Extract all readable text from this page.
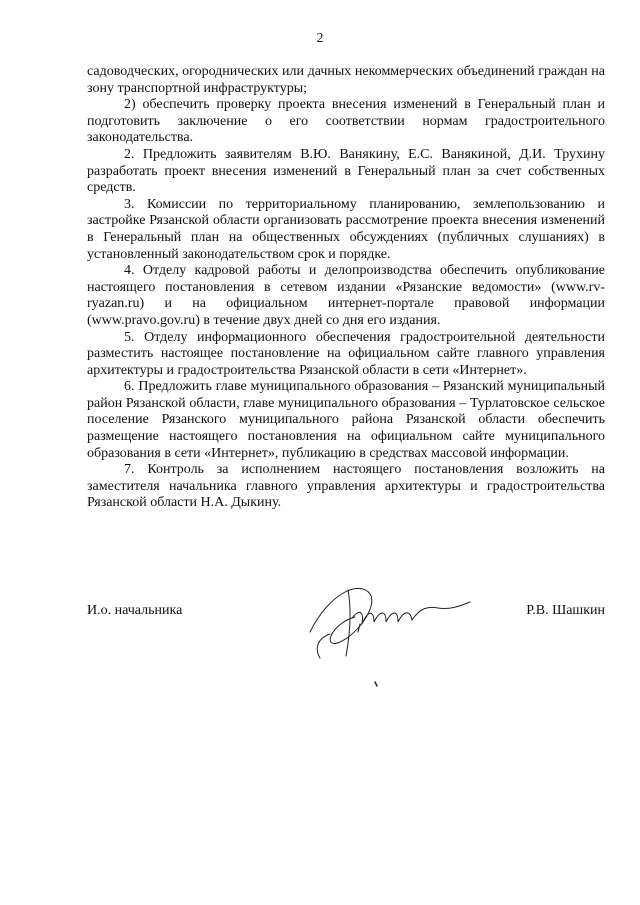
2

садоводческих, огороднических или дачных некоммерческих объединений граждан на зону транспортной инфраструктуры;

2) обеспечить проверку проекта внесения изменений в Генеральный план и подготовить заключение о его соответствии нормам градостроительного законодательства.

2. Предложить заявителям В.Ю. Ванякину, Е.С. Ванякиной, Д.И. Трухину разработать проект внесения изменений в Генеральный план за счет собственных средств.

3. Комиссии по территориальному планированию, землепользованию и застройке Рязанской области организовать рассмотрение проекта внесения изменений в Генеральный план на общественных обсуждениях (публичных слушаниях) в установленный законодательством срок и порядке.

4. Отделу кадровой работы и делопроизводства обеспечить опубликование настоящего постановления в сетевом издании «Рязанские ведомости» (www.rv-ryazan.ru) и на официальном интернет-портале правовой информации (www.pravo.gov.ru) в течение двух дней со дня его издания.

5. Отделу информационного обеспечения градостроительной деятельности разместить настоящее постановление на официальном сайте главного управления архитектуры и градостроительства Рязанской области в сети «Интернет».

6. Предложить главе муниципального образования – Рязанский муниципальный район Рязанской области, главе муниципального образования – Турлатовское сельское поселение Рязанского муниципального района Рязанской области обеспечить размещение настоящего постановления на официальном сайте муниципального образования в сети «Интернет», публикацию в средствах массовой информации.

7. Контроль за исполнением настоящего постановления возложить на заместителя начальника главного управления архитектуры и градостроительства Рязанской области Н.А. Дыкину.

И.о. начальника	Р.В. Шашкин
